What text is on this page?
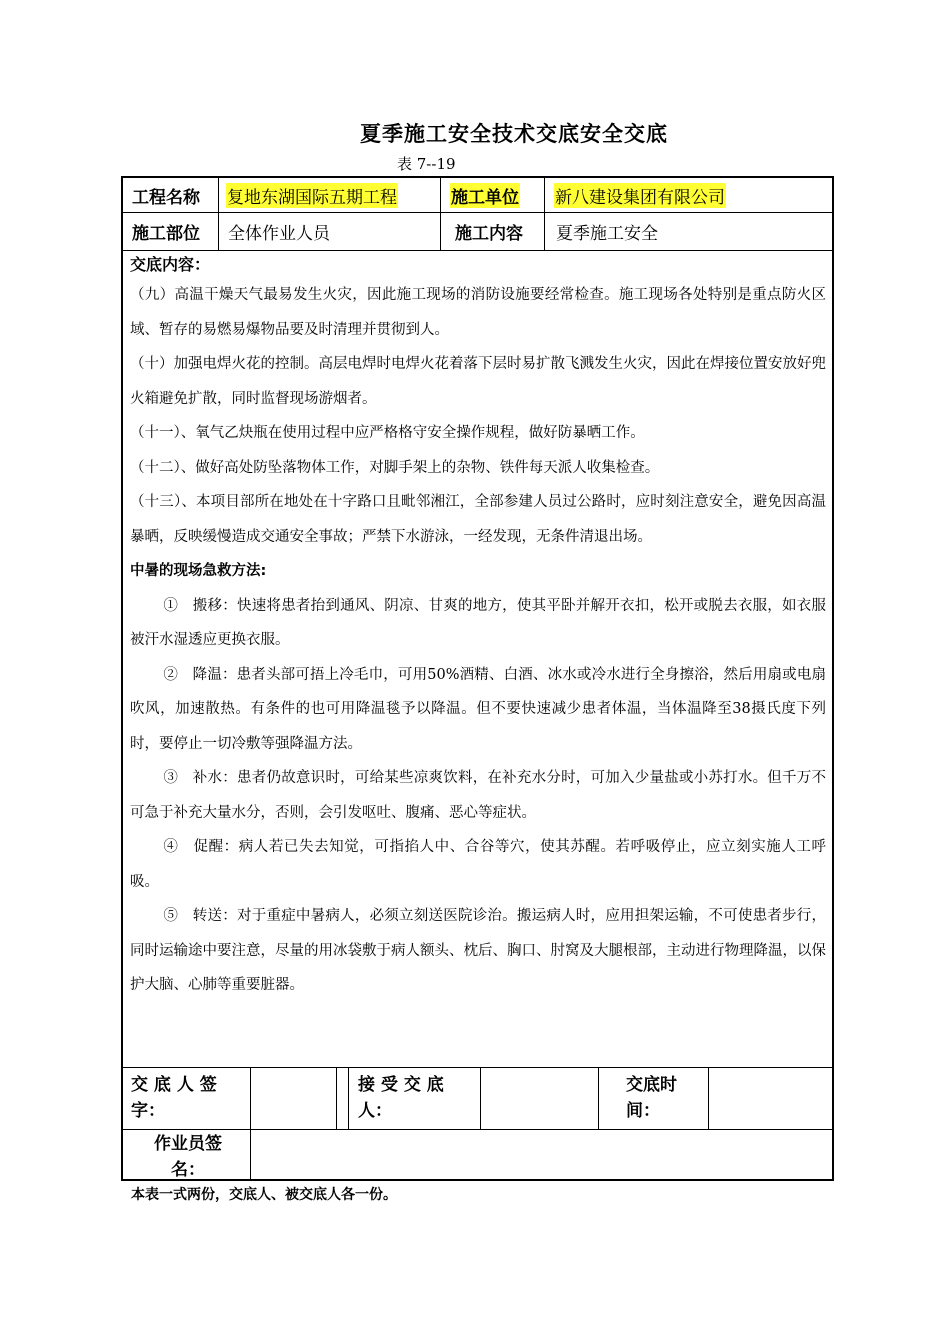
夏季施工安全技术交底安全交底
表 7--19
工程名称 复地东湖国际五期工程	施工单位 新八建设集团有限公司
施工部位 全体作业人员	施工内容 夏季施工安全

交底内容：

（九）高温干燥天气最易发生火灾，因此施工现场的消防设施要经常检查。施工现场各处特别是重点防火区域、暂存的易燃易爆物品要及时清理并贯彻到人。

（十）加强电焊火花的控制。高层电焊时电焊火花着落下层时易扩散飞溅发生火灾，因此在焊接位置安放好兜火箱避免扩散，同时监督现场游烟者。

（十一）、氧气乙炔瓶在使用过程中应严格格守安全操作规程，做好防暴晒工作。

（十二）、做好高处防坠落物体工作，对脚手架上的杂物、铁件每天派人收集检查。

（十三）、本项目部所在地处在十字路口且毗邻湘江，全部参建人员过公路时，应时刻注意安全，避免因高温暴晒，反映缓慢造成交通安全事故；严禁下水游泳，一经发现，无条件清退出场。

中暑的现场急救方法:

①　搬移：快速将患者抬到通风、阴凉、甘爽的地方，使其平卧并解开衣扣，松开或脱去衣服，如衣服被汗水湿透应更换衣服。

②　降温：患者头部可捂上冷毛巾，可用50%酒精、白酒、冰水或冷水进行全身擦浴，然后用扇或电扇吹风，加速散热。有条件的也可用降温毯予以降温。但不要快速减少患者体温，当体温降至38摄氏度下列时，要停止一切冷敷等强降温方法。

③　补水：患者仍故意识时，可给某些凉爽饮料，在补充水分时，可加入少量盐或小苏打水。但千万不可急于补充大量水分，否则，会引发呕吐、腹痛、恶心等症状。

④　促醒：病人若已失去知觉，可指掐人中、合谷等穴，使其苏醒。若呼吸停止，应立刻实施人工呼吸。

⑤　转送：对于重症中暑病人，必须立刻送医院诊治。搬运病人时，应用担架运输，不可使患者步行，同时运输途中要注意，尽量的用冰袋敷于病人额头、枕后、胸口、肘窝及大腿根部，主动进行物理降温，以保护大脑、心肺等重要脏器。

交 底 人 签 字：
接 受 交 底 人：
交底时间：
作业员签名：
本表一式两份，交底人、被交底人各一份。
